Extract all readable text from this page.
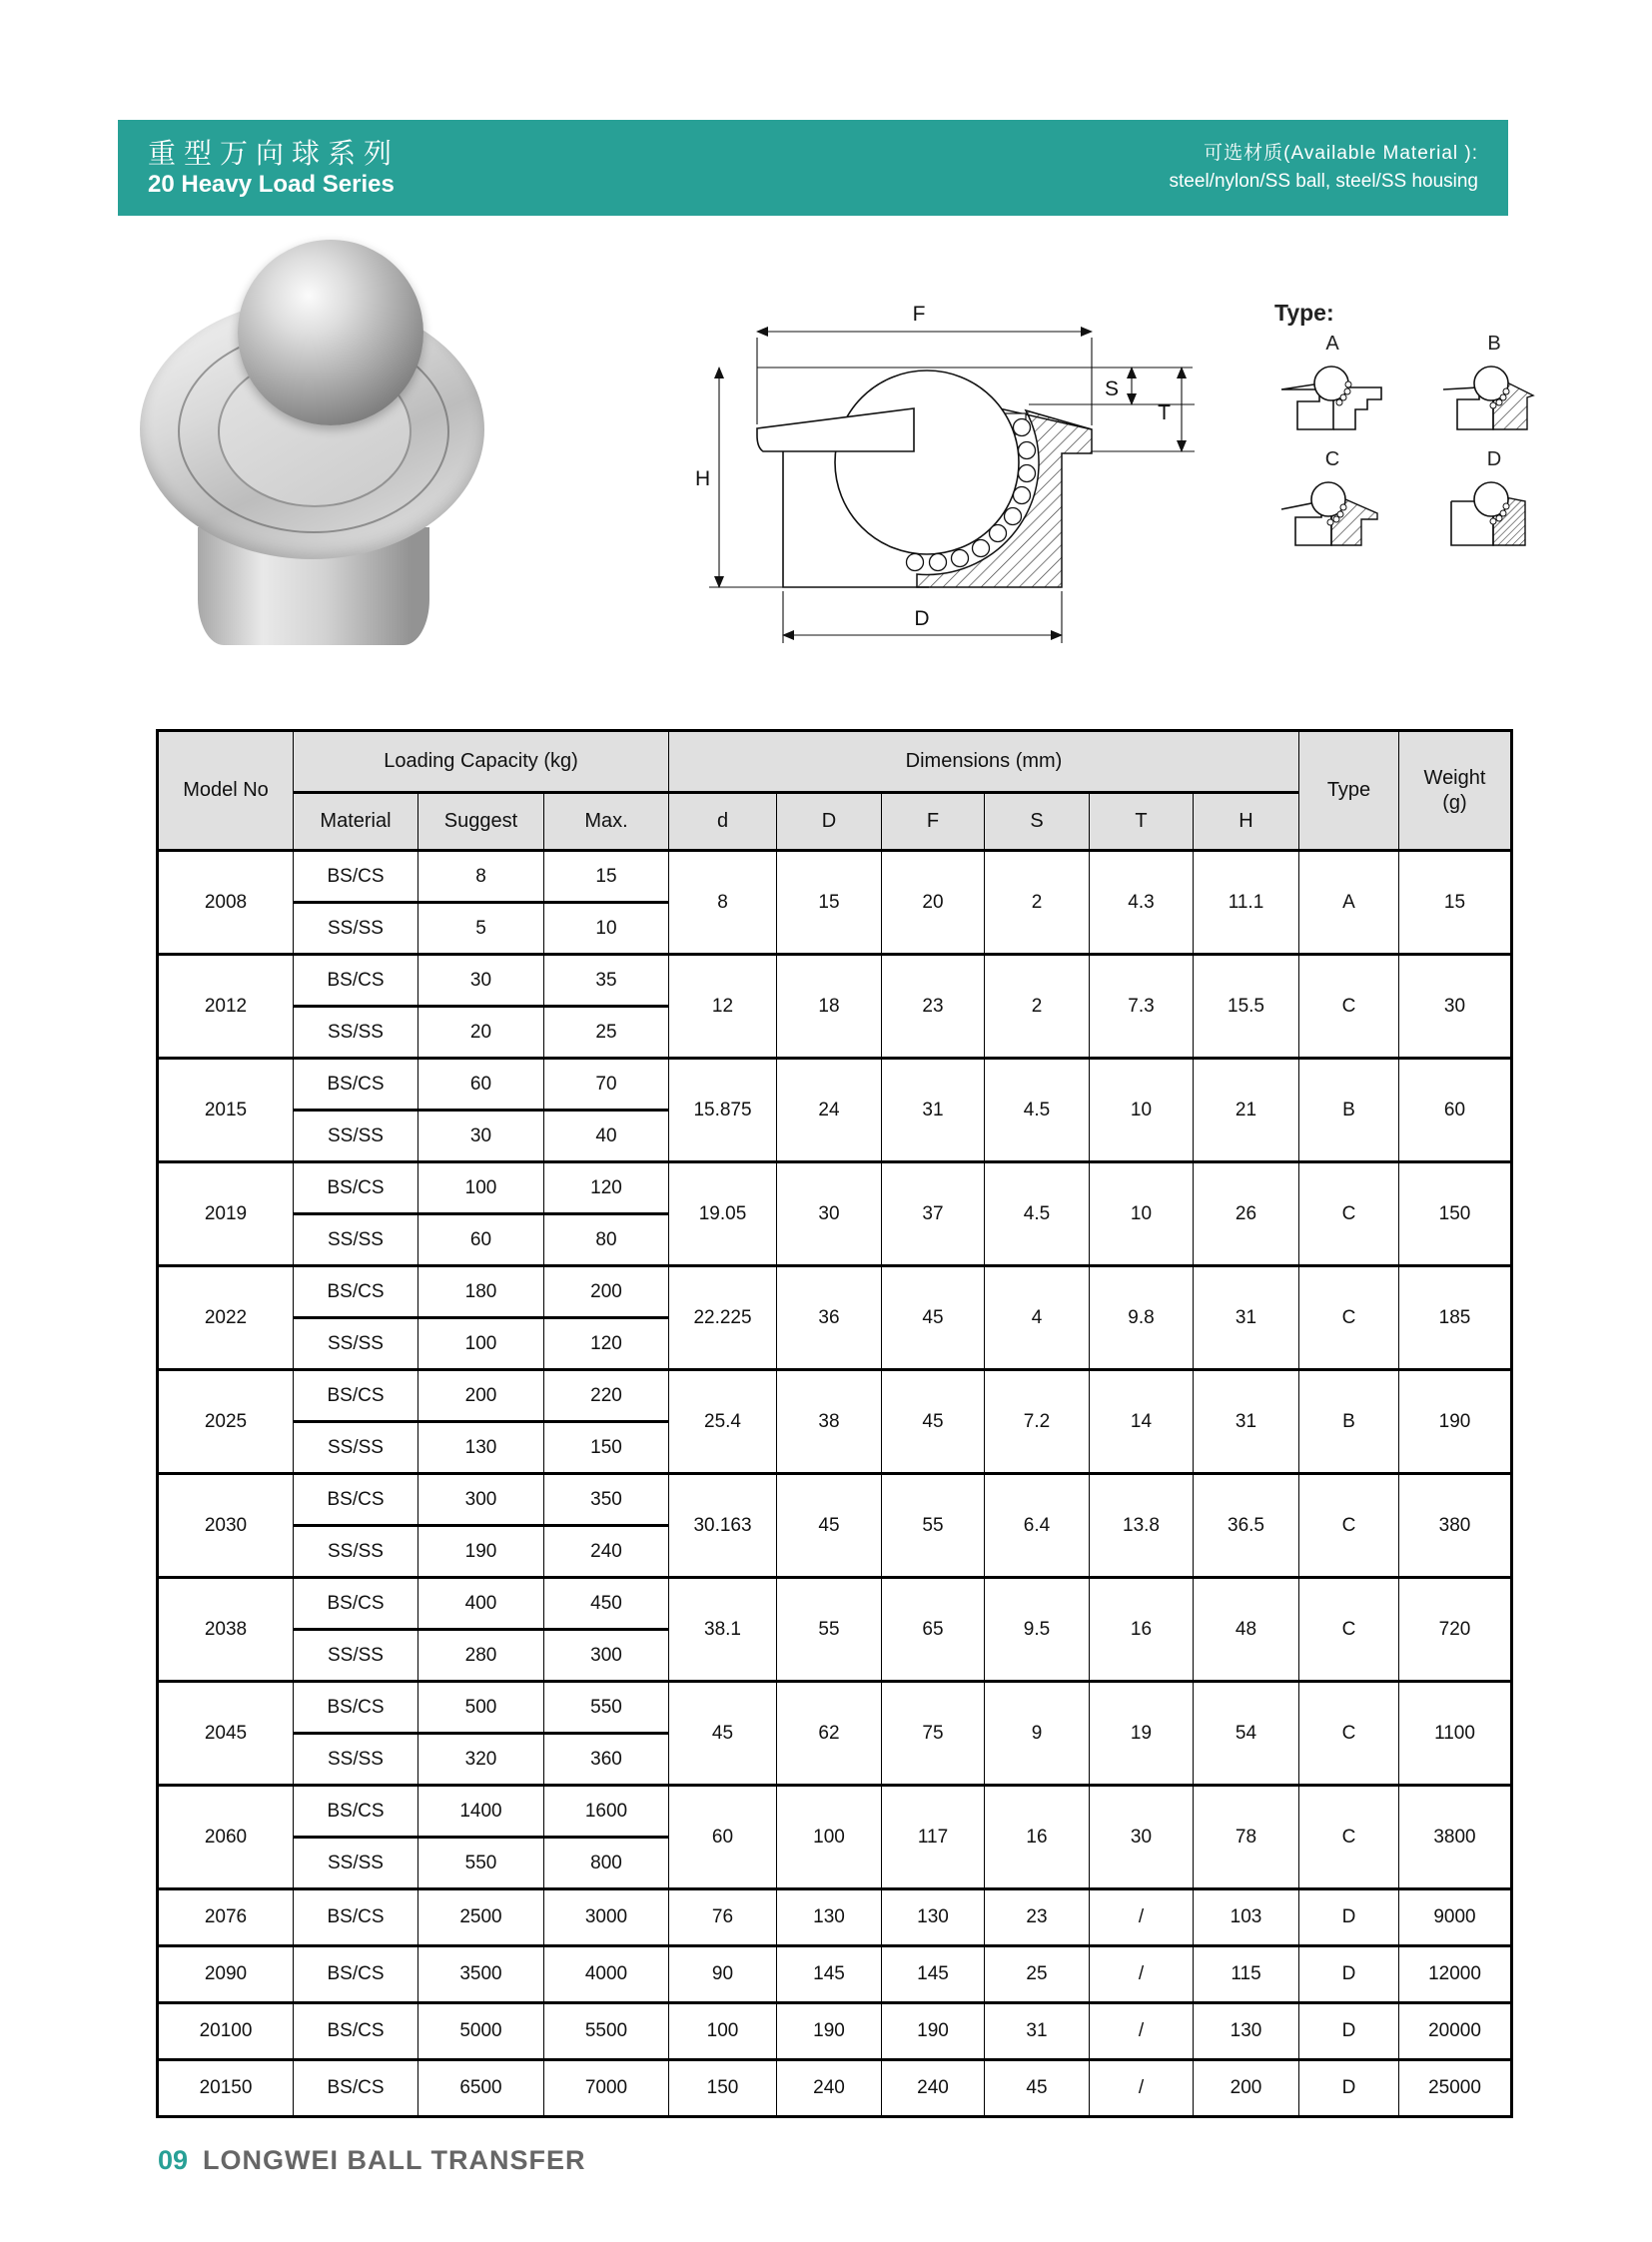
重型万向球系列
20 Heavy Load Series
可选材质(Available Material ):
steel/nylon/SS ball, steel/SS housing
F
S
T
H
D
Type:
A	B
C	D
Model No	Loading Capacity (kg)			Dimensions (mm)						Type	Weight
(g)

	Material	Suggest	Max.	d	D	F	S	T	H		
2008	BS/CS	8	15	8	15	20	2	4.3	11.1	A	15
	SS/SS	5	10								
2012	BS/CS	30	35	12	18	23	2	7.3	15.5	C	30
	SS/SS	20	25								
2015	BS/CS	60	70	15.875	24	31	4.5	10	21	B	60
	SS/SS	30	40								
2019	BS/CS	100	120	19.05	30	37	4.5	10	26	C	150
	SS/SS	60	80								
2022	BS/CS	180	200	22.225	36	45	4	9.8	31	C	185
	SS/SS	100	120								
2025	BS/CS	200	220	25.4	38	45	7.2	14	31	B	190
	SS/SS	130	150								
2030	BS/CS	300	350	30.163	45	55	6.4	13.8	36.5	C	380
	SS/SS	190	240								
2038	BS/CS	400	450	38.1	55	65	9.5	16	48	C	720
	SS/SS	280	300								
2045	BS/CS	500	550	45	62	75	9	19	54	C	1100
	SS/SS	320	360								
2060	BS/CS	1400	1600	60	100	117	16	30	78	C	3800
	SS/SS	550	800								
2076	BS/CS	2500	3000	76	130	130	23	/	103	D	9000
2090	BS/CS	3500	4000	90	145	145	25	/	115	D	12000
20100	BS/CS	5000	5500	100	190	190	31	/	130	D	20000
20150	BS/CS	6500	7000	150	240	240	45	/	200	D	25000
09 LONGWEI BALL TRANSFER
